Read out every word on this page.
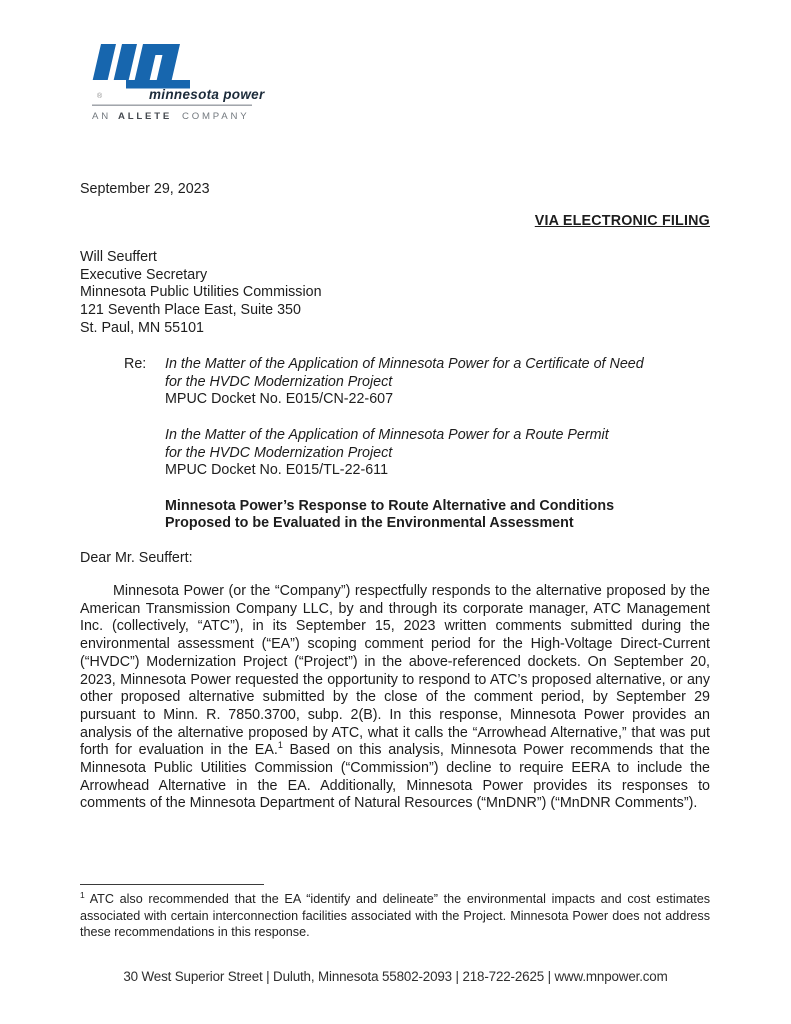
®	minnesota power
AN ALLETE COMPANY
September 29, 2023
VIA ELECTRONIC FILING
Will Seuffert
Executive Secretary
Minnesota Public Utilities Commission
121 Seventh Place East, Suite 350
St. Paul, MN 55101
Re:	In the Matter of the Application of Minnesota Power for a Certificate of Need
for the HVDC Modernization Project
MPUC Docket No. E015/CN-22-607
In the Matter of the Application of Minnesota Power for a Route Permit
for the HVDC Modernization Project
MPUC Docket No. E015/TL-22-611
Minnesota Power’s Response to Route Alternative and Conditions
Proposed to be Evaluated in the Environmental Assessment
Dear Mr. Seuffert:

Minnesota Power (or the “Company”) respectfully responds to the alternative proposed by the American Transmission Company LLC, by and through its corporate manager, ATC Management Inc. (collectively, “ATC”), in its September 15, 2023 written comments submitted during the environmental assessment (“EA”) scoping comment period for the High-Voltage Direct-Current (“HVDC”) Modernization Project (“Project”) in the above-referenced dockets. On September 20, 2023, Minnesota Power requested the opportunity to respond to ATC’s proposed alternative, or any other proposed alternative submitted by the close of the comment period, by September 29 pursuant to Minn. R. 7850.3700, subp. 2(B). In this response, Minnesota Power provides an analysis of the alternative proposed by ATC, what it calls the “Arrowhead Alternative,” that was put forth for evaluation in the EA.$^1$ Based on this analysis, Minnesota Power recommends that the Minnesota Public Utilities Commission (“Commission”) decline to require EERA to include the Arrowhead Alternative in the EA. Additionally, Minnesota Power provides its responses to comments of the Minnesota Department of Natural Resources (“MnDNR”) (“MnDNR Comments”).

$^1$ ATC also recommended that the EA “identify and delineate” the environmental impacts and cost estimates associated with certain interconnection facilities associated with the Project. Minnesota Power does not address these recommendations in this response.

30 West Superior Street | Duluth, Minnesota 55802-2093 | 218-722-2625 | www.mnpower.com
